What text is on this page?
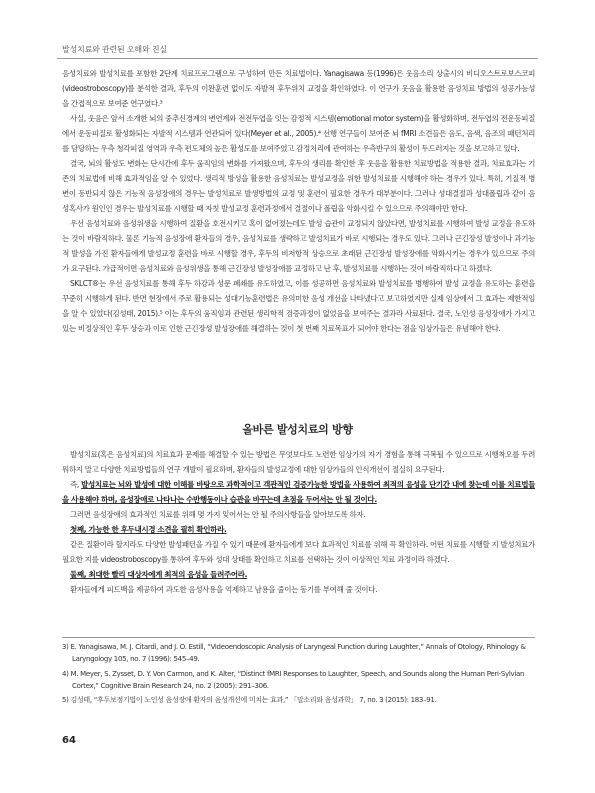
발성치료와 관련된 오해와 진실

음성치료와 발성치료를 포함한 2단계 치료프로그램으로 구성하여 만든 치료법이다. Yanagisawa 등(1996)은 웃음소리 상출시의 비디오스트로보스코피(videostroboscopy)를 분석한 결과, 후두의 이완훈련 없이도 자발적 후두위치 교정을 확인하였다. 이 연구가 웃음을 활용한 음성치료 방법의 성공가능성을 간접적으로 보여준 연구였다.³

사실, 웃음은 앞서 소개한 뇌의 중추신경계의 변연계와 전전두엽을 잇는 감정적 시스템(emotional motor system)을 활성화하며, 전두엽의 전운동피질에서 운동피질로 활성화되는 자발적 시스템과 연관되어 있다(Meyer et al., 2005).⁴ 선행 연구들이 보여준 뇌 fMRI 소견들은 음도, 음색, 음조의 패턴처리를 담당하는 우측 청각피질 영역과 우측 편도체의 높은 활성도를 보여주었고 감정처리에 관여하는 우측반구의 활성이 두드러지는 것을 보고하고 있다.

결국, 뇌의 활성도 변화는 단시간에 후두 움직임의 변화를 가져왔으며, 후두의 생리를 확인한 후 웃음을 활용한 치료방법을 적용한 결과, 치료효과는 기존의 치료법에 비해 효과적임을 알 수 있었다. 생리적 방성을 활용한 음성치료는 발성교정을 위한 발성치료를 시행해야 하는 경우가 있다. 특히, 기질적 병변이 동반되지 않은 기능적 음성장애의 경우는 발성치료로 발생방법의 교정 및 훈련이 필요한 경우가 대부분이다. 그러나 성대결절과 성대폴립과 같이 음성혹사가 원인인 경우는 발성치료를 시행할 때 자칫 발성교정 훈련과정에서 결절이나 폴립을 악화시킬 수 있으므로 주의해야만 한다.

우선 음성치료와 음성위생을 시행하여 질환을 호전시키고 혹이 없어졌는데도 발성 습관이 교정되지 않았다면, 발성치료를 시행하여 발성 교정을 유도하는 것이 바람직하다. 물론 기능적 음성장애 환자들의 경우, 음성치료를 생략하고 발성치료가 바로 시행되는 경우도 있다. 그러나 근긴장성 발성이나 과기능적 발성을 가진 환자들에게 발성교정 훈련을 바로 시행할 경우, 후두의 비저항적 상승으로 초래된 근긴장성 발성장애를 악화시키는 경우가 있으므로 주의가 요구된다. 가급적이면 음성치료와 음성위생을 통해 근긴장성 발성장애를 교정하고 난 후, 발성치료를 시행하는 것이 바람직하다고 하겠다.

SKLCT®는 우선 음성치료를 통해 후두 하강과 성문 폐쇄를 유도하였고, 이를 성공하면 음성치료와 발성치료를 병행하여 발성 교정을 유도하는 훈련을 꾸준히 시행하게 된다. 반면 현장에서 주로 활용되는 성대기능훈련법은 유의미한 음성 개선을 나타냈다고 보고하였지만 실제 임상에서 그 효과는 제한적임을 알 수 있었다(김성태, 2015).⁵ 이는 후두의 움직임과 관련된 생리학적 검증과정이 없었음을 보여주는 결과라 사료된다. 결국, 노인성 음성장애가 가지고 있는 비정상적인 후두 상승과 이로 인한 근긴장성 발성장애를 해결하는 것이 첫 번째 치료목표가 되어야 한다는 점을 임상가들은 유념해야 한다.

올바른 발성치료의 방향

발성치료(혹은 음성치료)의 치료효과 문제를 해결할 수 있는 방법은 무엇보다도 노련한 임상가의 자기 경험을 통해 극복될 수 있으므로 시행착오를 두려워하지 말고 다양한 치료방법들의 연구 개발이 필요하며, 환자들의 발성교정에 대한 임상가들의 인식개선이 절실히 요구된다.

즉, 발성치료는 뇌와 발성에 대한 이해를 바탕으로 과학적이고 객관적인 검증가능한 방법을 사용하여 최적의 음성을 단기간 내에 찾는데 이를 치료법들을 사용해야 하며, 음성장애로 나타나는 수반행동이나 습관을 바꾸는데 초점을 두어서는 안 될 것이다.

그러면 음성장애의 효과적인 치료를 위해 몇 가지 잊어서는 안 될 주의사항들을 알아보도록 하자.

첫째, 가능한 한 후두내시경 소견을 필히 확인하라.

같은 질환이라 할지라도 다양한 발성패턴을 가질 수 있기 때문에 환자들에게 보다 효과적인 치료를 위해 꼭 확인하라. 어떤 치료를 시행할 지 발성치료가 필요한 지를 videostroboscopy를 통하여 후두와 성대 상태를 확인하고 치료를 선택하는 것이 이상적인 치료 과정이라 하겠다.

둘째, 최대한 빨리 대상자에게 최적의 음성을 들려주어라.

환자들에게 피드백을 제공하여 과도한 음성사용을 억제하고 남용을 줄이는 동기를 부여해 줄 것이다.

3) E. Yanagisawa, M. J. Citardi, and J. O. Estill, “Videoendoscopic Analysis of Laryngeal Function during Laughter,” Annals of Otology, Rhinology & Laryngology 105, no. 7 (1996): 545–49.

4) M. Meyer, S. Zysset, D. Y. Von Carmon, and K. Alter, “Distinct fMRI Responses to Laughter, Speech, and Sounds along the Human Peri-Sylvian Cortex,” Cognitive Brain Research 24, no. 2 (2005): 291–306.

5) 김성태, “후두보정기법이 노인성 음성장애 환자의 음성개선에 미치는 효과,” 「말소리와 음성과학」 7, no. 3 (2015): 183–91.

64
